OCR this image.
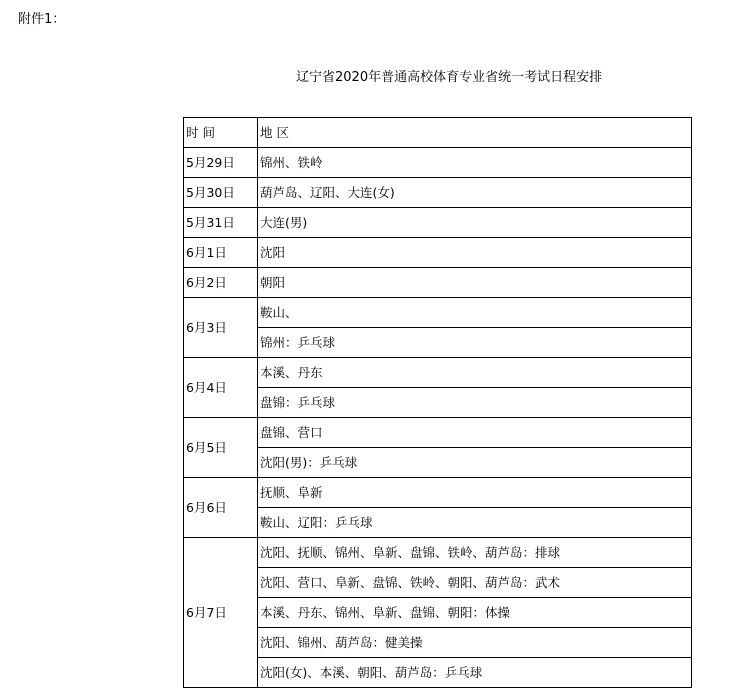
附件1：
辽宁省2020年普通高校体育专业省统一考试日程安排
时 间	地 区
5月29日	锦州、铁岭
5月30日	葫芦岛、辽阳、大连(女)
5月31日	大连(男)
6月1日	沈阳
6月2日	朝阳
6月3日	鞍山、
	锦州：乒乓球
6月4日	本溪、丹东
	盘锦：乒乓球
6月5日	盘锦、营口
	沈阳(男)：乒乓球
6月6日	抚顺、阜新
	鞍山、辽阳：乒乓球
6月7日	沈阳、抚顺、锦州、阜新、盘锦、铁岭、葫芦岛：排球
	沈阳、营口、阜新、盘锦、铁岭、朝阳、葫芦岛：武术
	本溪、丹东、锦州、阜新、盘锦、朝阳：体操
	沈阳、锦州、葫芦岛：健美操
	沈阳(女)、本溪、朝阳、葫芦岛：乒乓球
